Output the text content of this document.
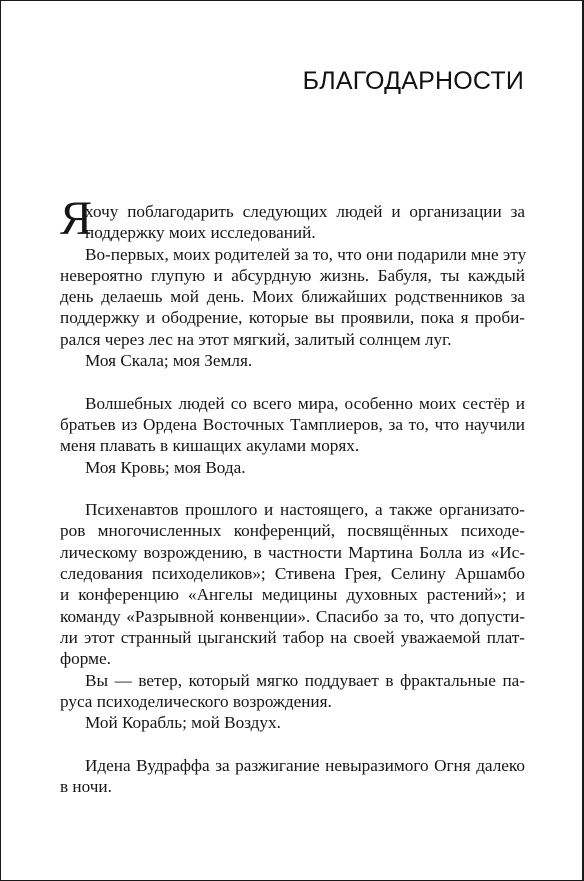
БЛАГОДАРНОСТИ
Я
хочу поблагодарить следующих людей и организации за
поддержку моих исследований.
Во-первых, моих родителей за то, что они подарили мне эту
невероятно глупую и абсурдную жизнь. Бабуля, ты каждый
день делаешь мой день. Моих ближайших родственников за
поддержку и ободрение, которые вы проявили, пока я проби-
рался через лес на этот мягкий, залитый солнцем луг.
Моя Скала; моя Земля.
Волшебных людей со всего мира, особенно моих сестёр и
братьев из Ордена Восточных Тамплиеров, за то, что научили
меня плавать в кишащих акулами морях.
Моя Кровь; моя Вода.
Психенавтов прошлого и настоящего, а также организато-
ров многочисленных конференций, посвящённых психоде-
лическому возрождению, в частности Мартина Болла из «Ис-
следования психоделиков»; Стивена Грея, Селину Аршамбо
и конференцию «Ангелы медицины духовных растений»; и
команду «Разрывной конвенции». Спасибо за то, что допусти-
ли этот странный цыганский табор на своей уважаемой плат-
форме.
Вы — ветер, который мягко поддувает в фрактальные па-
руса психоделического возрождения.
Мой Корабль; мой Воздух.
Идена Вудраффа за разжигание невыразимого Огня далеко
в ночи.
